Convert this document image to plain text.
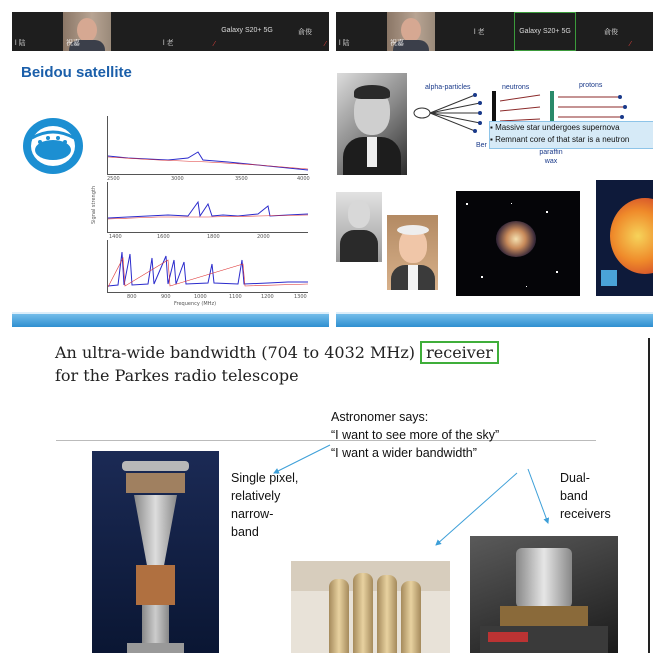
l 陆	祝嘉	l 老	⁄
Galaxy S20+ 5G	俞俊
⁄
Beidou satellite
2500	3000	3500	4000
Signal strength
1400	1600	1800	2000
800	900	1000	1100	1200	1300
Frequency (MHz)
l 陆	祝嘉
l 老	Galaxy S20+ 5G	俞俊
⁄
alpha-particles	neutrons	protons
Ber
paraffin wax
▪ Massive star undergoes supernova
▪ Remnant core of that star is a neutron
An ultra-wide bandwidth (704 to 4032 MHz) receiver
for the Parkes radio telescope
Astronomer says:
“I want to see more of the sky”
“I want a wider bandwidth”
Single pixel,
relatively
narrow-
band
Dual-
band
receivers
